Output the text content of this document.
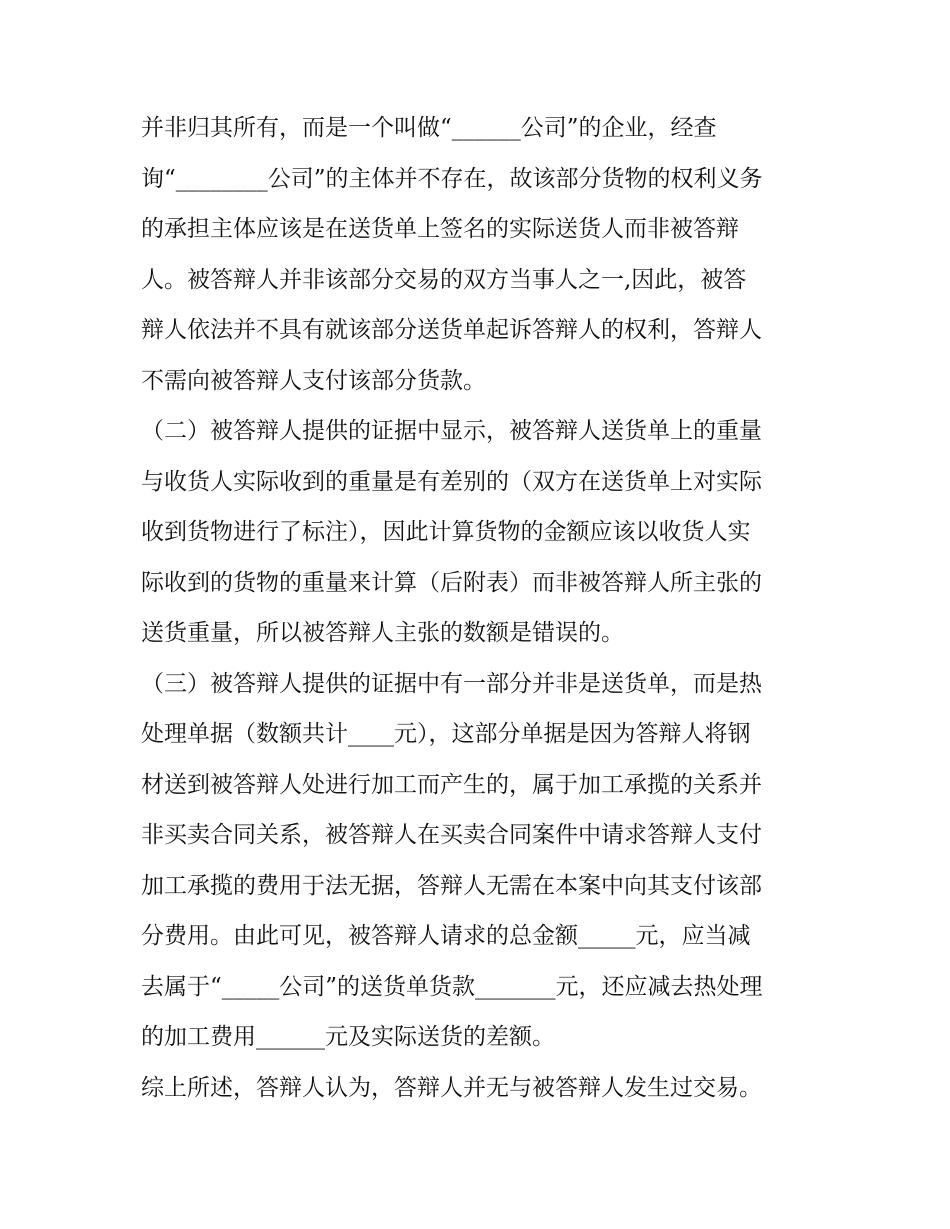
并非归其所有，而是一个叫做“______公司”的企业，经查
询“________公司”的主体并不存在，故该部分货物的权利义务
的承担主体应该是在送货单上签名的实际送货人而非被答辩
人。被答辩人并非该部分交易的双方当事人之一,因此，被答
辩人依法并不具有就该部分送货单起诉答辩人的权利，答辩人
不需向被答辩人支付该部分货款。
（二）被答辩人提供的证据中显示，被答辩人送货单上的重量
与收货人实际收到的重量是有差别的（双方在送货单上对实际
收到货物进行了标注），因此计算货物的金额应该以收货人实
际收到的货物的重量来计算（后附表）而非被答辩人所主张的
送货重量，所以被答辩人主张的数额是错误的。
（三）被答辩人提供的证据中有一部分并非是送货单，而是热
处理单据（数额共计____元），这部分单据是因为答辩人将钢
材送到被答辩人处进行加工而产生的，属于加工承揽的关系并
非买卖合同关系，被答辩人在买卖合同案件中请求答辩人支付
加工承揽的费用于法无据，答辩人无需在本案中向其支付该部
分费用。由此可见，被答辩人请求的总金额_____元，应当减
去属于“_____公司”的送货单货款_______元，还应减去热处理
的加工费用______元及实际送货的差额。
综上所述，答辩人认为，答辩人并无与被答辩人发生过交易。
